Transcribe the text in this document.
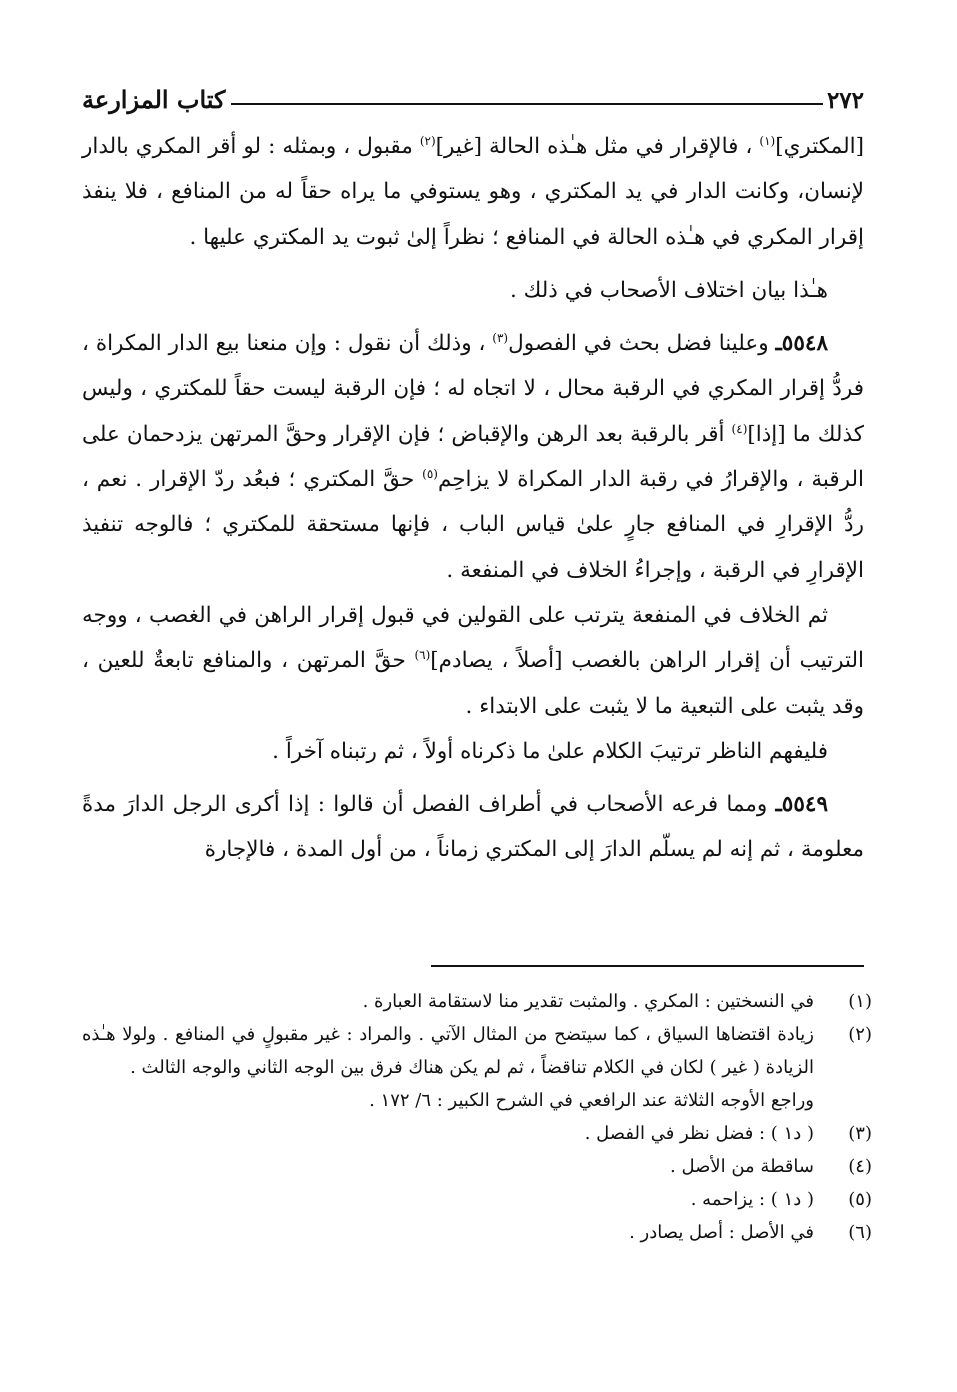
٢٧٢
كتاب المزارعة

[المكتري]$^{(١)}$ ، فالإقرار في مثل هـٰذه الحالة [غير]$^{(٢)}$ مقبول ، وبمثله : لو أقر المكري بالدار لإنسان، وكانت الدار في يد المكتري ، وهو يستوفي ما يراه حقاً له من المنافع ، فلا ينفذ إقرار المكري في هـٰذه الحالة في المنافع ؛ نظراً إلىٰ ثبوت يد المكتري عليها .

هـٰذا بيان اختلاف الأصحاب في ذلك .

٥٥٤٨ـ وعلينا فضل بحث في الفصول$^{(٣)}$ ، وذلك أن نقول : وإن منعنا بيع الدار المكراة ، فردُّ إقرار المكري في الرقبة محال ، لا اتجاه له ؛ فإن الرقبة ليست حقاً للمكتري ، وليس كذلك ما [إذا]$^{(٤)}$ أقر بالرقبة بعد الرهن والإقباض ؛ فإن الإقرار وحقَّ المرتهن يزدحمان على الرقبة ، والإقرارُ في رقبة الدار المكراة لا يزاحِم$^{(٥)}$ حقَّ المكتري ؛ فبعُد ردّ الإقرار . نعم ، ردُّ الإقرارِ في المنافع جارٍ علىٰ قياس الباب ، فإنها مستحقة للمكتري ؛ فالوجه تنفيذ الإقرارِ في الرقبة ، وإجراءُ الخلاف في المنفعة .

ثم الخلاف في المنفعة يترتب على القولين في قبول إقرار الراهن في الغصب ، ووجه الترتيب أن إقرار الراهن بالغصب [أصلاً ، يصادم]$^{(٦)}$ حقَّ المرتهن ، والمنافع تابعةٌ للعين ، وقد يثبت على التبعية ما لا يثبت على الابتداء .

فليفهم الناظر ترتيبَ الكلام علىٰ ما ذكرناه أولاً ، ثم رتبناه آخراً .

٥٥٤٩ـ ومما فرعه الأصحاب في أطراف الفصل أن قالوا : إذا أكرى الرجل الدارَ مدةً معلومة ، ثم إنه لم يسلّم الدارَ إلى المكتري زماناً ، من أول المدة ، فالإجارة

(١)
في النسختين : المكري . والمثبت تقدير منا لاستقامة العبارة .
(٢)
زيادة اقتضاها السياق ، كما سيتضح من المثال الآتي . والمراد : غير مقبولٍ في المنافع . ولولا هـٰذه الزيادة ( غير ) لكان في الكلام تناقضاً ، ثم لم يكن هناك فرق بين الوجه الثاني والوجه الثالث .
وراجع الأوجه الثلاثة عند الرافعي في الشرح الكبير : ٦/ ١٧٢ .
(٣)
( د١ ) : فضل نظر في الفصل .
(٤)
ساقطة من الأصل .
(٥)
( د١ ) : يزاحمه .
(٦)
في الأصل : أصل يصادر .
